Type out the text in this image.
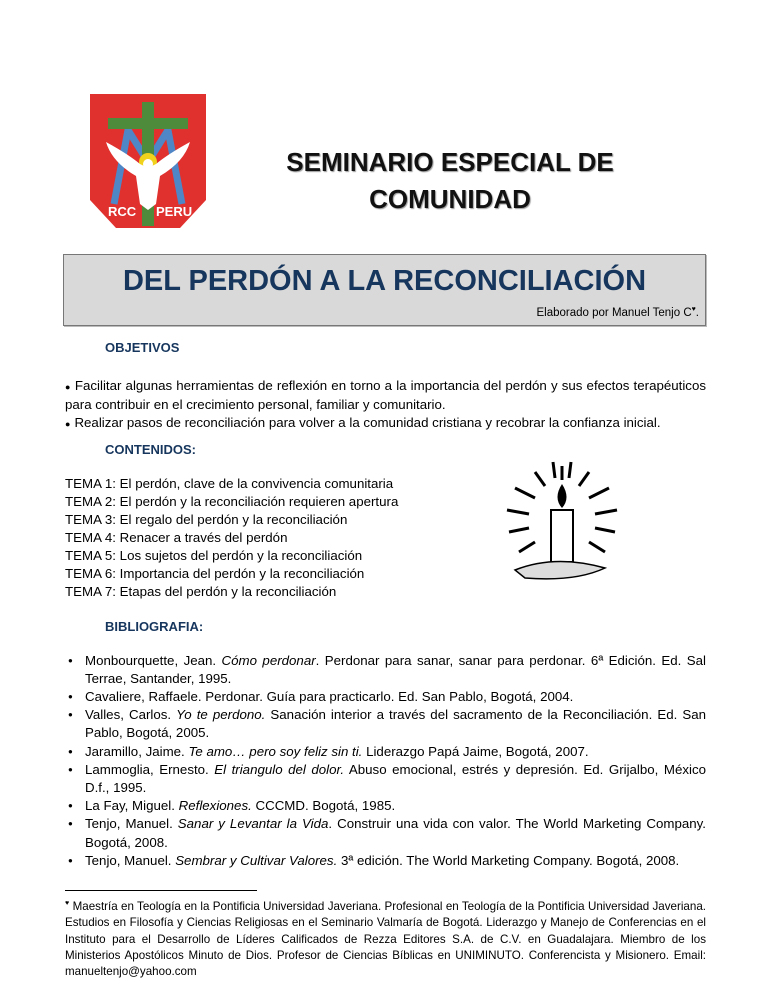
RCC PERU
SEMINARIO ESPECIAL DE
COMUNIDAD
DEL PERDÓN A LA RECONCILIACIÓN
Elaborado por Manuel Tenjo C♥.
OBJETIVOS
● Facilitar algunas herramientas de reflexión en torno a la importancia del perdón y sus efectos terapéuticos para contribuir en el crecimiento personal, familiar y comunitario.
● Realizar pasos de reconciliación para volver a la comunidad cristiana y recobrar la confianza inicial.
CONTENIDOS:
TEMA 1: El perdón, clave de la convivencia comunitaria
TEMA 2: El perdón y la reconciliación requieren apertura
TEMA 3: El regalo del perdón y la reconciliación
TEMA 4: Renacer a través del perdón
TEMA 5: Los sujetos del perdón y la reconciliación
TEMA 6: Importancia del perdón y la reconciliación
TEMA 7: Etapas del perdón y la reconciliación
BIBLIOGRAFIA:
● Monbourquette, Jean. Cómo perdonar. Perdonar para sanar, sanar para perdonar. 6ª Edición. Ed. Sal Terrae, Santander, 1995.
● Cavaliere, Raffaele. Perdonar. Guía para practicarlo. Ed. San Pablo, Bogotá, 2004.
● Valles, Carlos. Yo te perdono. Sanación interior a través del sacramento de la Reconciliación. Ed. San Pablo, Bogotá, 2005.
● Jaramillo, Jaime. Te amo… pero soy feliz sin ti. Liderazgo Papá Jaime, Bogotá, 2007.
● Lammoglia, Ernesto. El triangulo del dolor. Abuso emocional, estrés y depresión. Ed. Grijalbo, México D.f., 1995.
● La Fay, Miguel. Reflexiones. CCCMD. Bogotá, 1985.
● Tenjo, Manuel. Sanar y Levantar la Vida. Construir una vida con valor. The World Marketing Company. Bogotá, 2008.
● Tenjo, Manuel. Sembrar y Cultivar Valores. 3ª edición. The World Marketing Company. Bogotá, 2008.
♥ Maestría en Teología en la Pontificia Universidad Javeriana. Profesional en Teología de la Pontificia Universidad Javeriana. Estudios en Filosofía y Ciencias Religiosas en el Seminario Valmaría de Bogotá. Liderazgo y Manejo de Conferencias en el Instituto para el Desarrollo de Líderes Calificados de Rezza Editores S.A. de C.V. en Guadalajara. Miembro de los Ministerios Apostólicos Minuto de Dios. Profesor de Ciencias Bíblicas en UNIMINUTO. Conferencista y Misionero. Email: manueltenjo@yahoo.com
